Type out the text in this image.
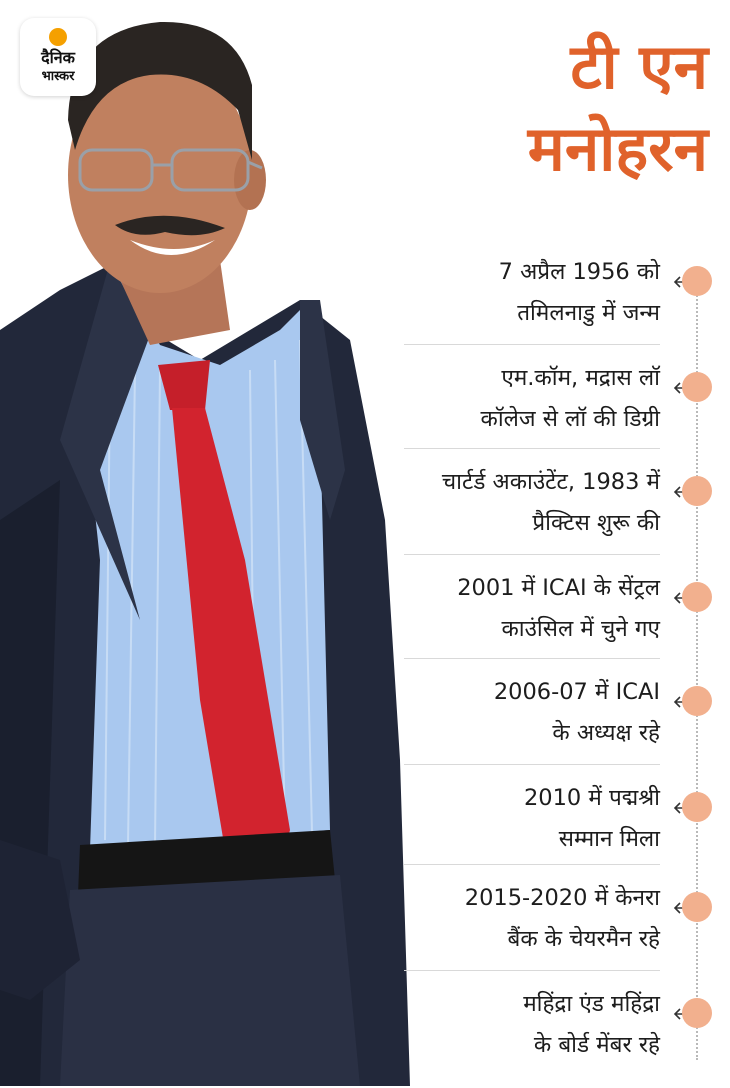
दैनिक
भास्कर	टी एन
मनोहरन
7 अप्रैल 1956 को
तमिलनाडु में जन्म
एम.कॉम, मद्रास लॉ
कॉलेज से लॉ की डिग्री
चार्टर्ड अकाउंटेंट, 1983 में
प्रैक्टिस शुरू की
2001 में ICAI के सेंट्रल
काउंसिल में चुने गए
2006-07 में ICAI
के अध्यक्ष रहे
2010 में पद्मश्री
सम्मान मिला
2015-2020 में केनरा
बैंक के चेयरमैन रहे
महिंद्रा एंड महिंद्रा
के बोर्ड मेंबर रहे
